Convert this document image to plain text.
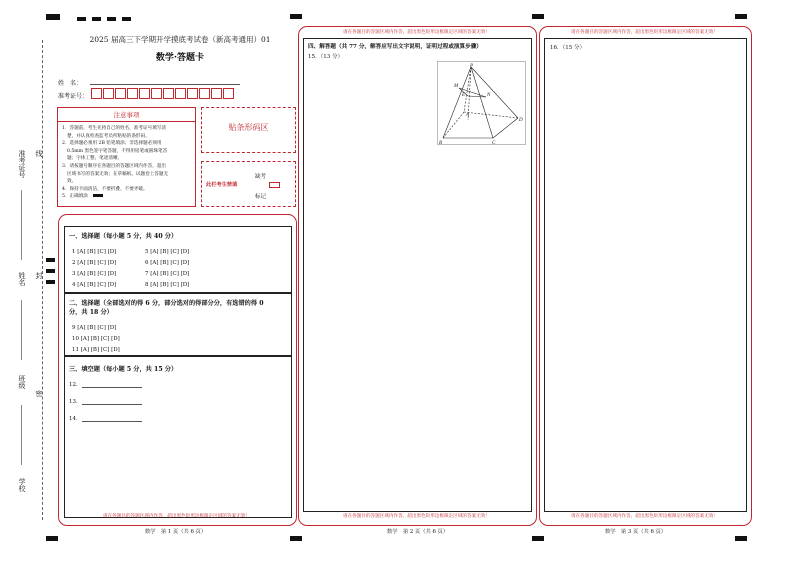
准考证号 线
姓名 封
班级
密
学校
2025 届高三下学期开学摸底考试卷（新高考通用）01
数学·答题卡
姓　名：
准考证号：
注意事项
1．答题前，考生先将自己的姓名，准考证号填写清
楚，并认真检查监考员所粘贴的条形码。
2．选择题必须用 2B 铅笔填涂；非选择题必须用
0.5mm 黑色签字笔答题，不得用铅笔或圆珠笔答
题；字体工整、笔迹清晰。
3．请按题号顺序在各题目的答题区域内作答，超出
区域书写的答案无效；在草稿纸、试题卷上答题无
效。
4．保持卡面清洁，不要折叠、不要弄破。
5．正确填涂
贴条形码区
此栏考生禁填
缺考
标记
一、选择题（每小题 5 分，共 40 分）
1 [A] [B] [C] [D]
2 [A] [B] [C] [D]
3 [A] [B] [C] [D]
4 [A] [B] [C] [D]
5 [A] [B] [C] [D]
6 [A] [B] [C] [D]
7 [A] [B] [C] [D]
8 [A] [B] [C] [D]
二、选择题（全部选对的得 6 分，部分选对的得部分分，有选错的得 0
分，共 18 分）
9 [A] [B] [C] [D]
10 [A] [B] [C] [D]
11 [A] [B] [C] [D]
三、填空题（每小题 5 分，共 15 分）
12．
13．
14．
请在各题目的答题区域内作答，超出黑色矩形边框限定区域的答案无效！
数学　第 1 页（共 6 页）
请在各题目的答题区域内作答，超出黑色矩形边框限定区域的答案无效！
四、解答题（共 77 分，解答应写出文字说明，证明过程或演算步骤）
15．（13 分）
P
M
N
E
A
B	C
D
请在各题目的答题区域内作答，超出黑色矩形边框限定区域的答案无效！
数学　第 2 页（共 6 页）
请在各题目的答题区域内作答，超出黑色矩形边框限定区域的答案无效！
16．（15 分）
请在各题目的答题区域内作答，超出黑色矩形边框限定区域的答案无效！
数学　第 3 页（共 6 页）
